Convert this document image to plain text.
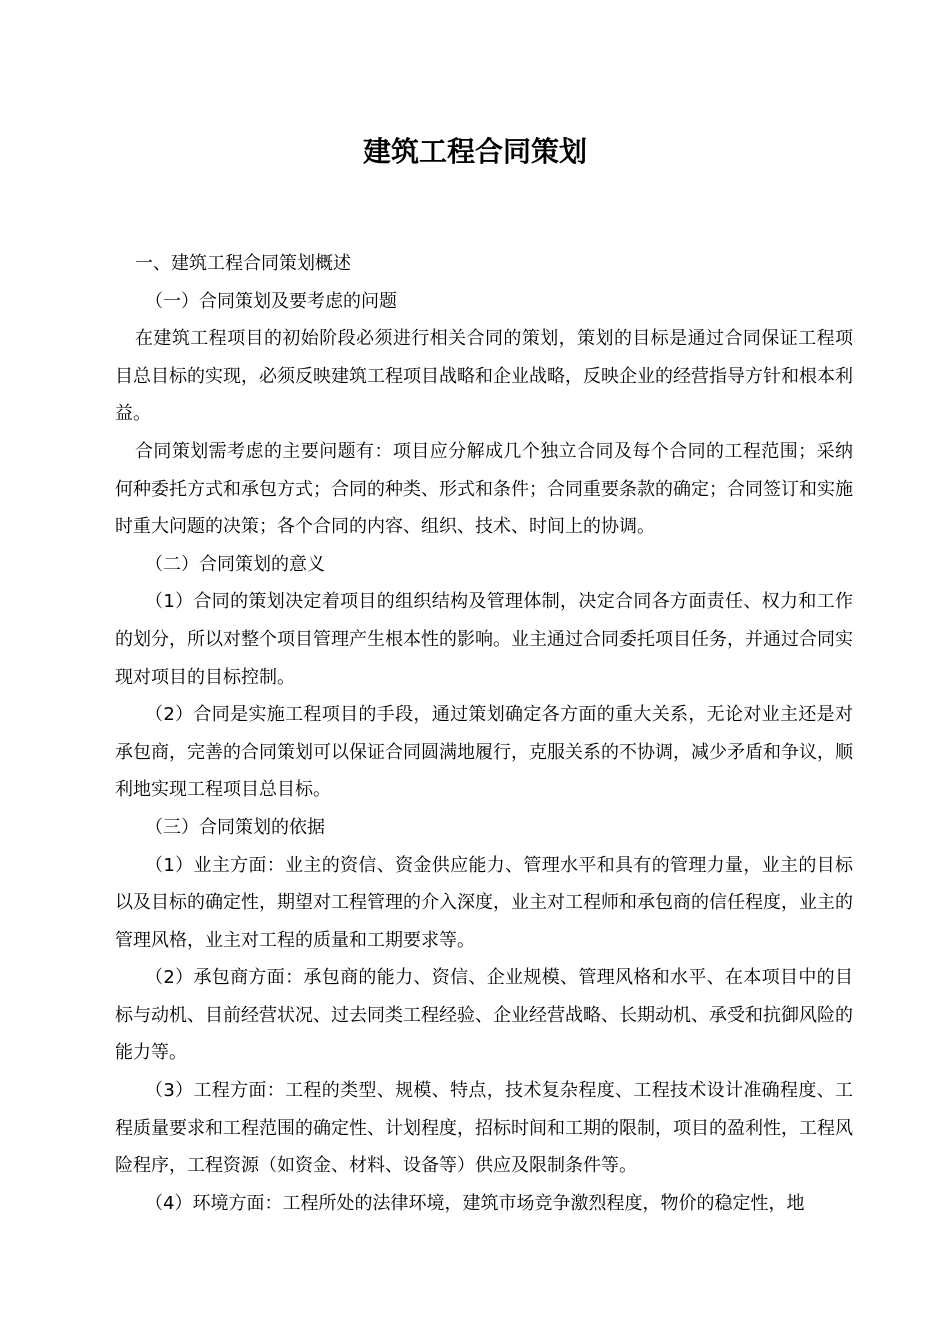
建筑工程合同策划

一、建筑工程合同策划概述

（一）合同策划及要考虑的问题

在建筑工程项目的初始阶段必须进行相关合同的策划，策划的目标是通过合同保证工程项目总目标的实现，必须反映建筑工程项目战略和企业战略，反映企业的经营指导方针和根本利益。

合同策划需考虑的主要问题有：项目应分解成几个独立合同及每个合同的工程范围；采纳何种委托方式和承包方式；合同的种类、形式和条件；合同重要条款的确定；合同签订和实施时重大问题的决策；各个合同的内容、组织、技术、时间上的协调。

（二）合同策划的意义

（1）合同的策划决定着项目的组织结构及管理体制，决定合同各方面责任、权力和工作的划分，所以对整个项目管理产生根本性的影响。业主通过合同委托项目任务，并通过合同实现对项目的目标控制。

（2）合同是实施工程项目的手段，通过策划确定各方面的重大关系，无论对业主还是对承包商，完善的合同策划可以保证合同圆满地履行，克服关系的不协调，减少矛盾和争议，顺利地实现工程项目总目标。

（三）合同策划的依据

（1）业主方面：业主的资信、资金供应能力、管理水平和具有的管理力量，业主的目标以及目标的确定性，期望对工程管理的介入深度，业主对工程师和承包商的信任程度，业主的管理风格，业主对工程的质量和工期要求等。

（2）承包商方面：承包商的能力、资信、企业规模、管理风格和水平、在本项目中的目标与动机、目前经营状况、过去同类工程经验、企业经营战略、长期动机、承受和抗御风险的能力等。

（3）工程方面：工程的类型、规模、特点，技术复杂程度、工程技术设计准确程度、工程质量要求和工程范围的确定性、计划程度，招标时间和工期的限制，项目的盈利性，工程风险程序，工程资源（如资金、材料、设备等）供应及限制条件等。

（4）环境方面：工程所处的法律环境，建筑市场竞争激烈程度，物价的稳定性，地
